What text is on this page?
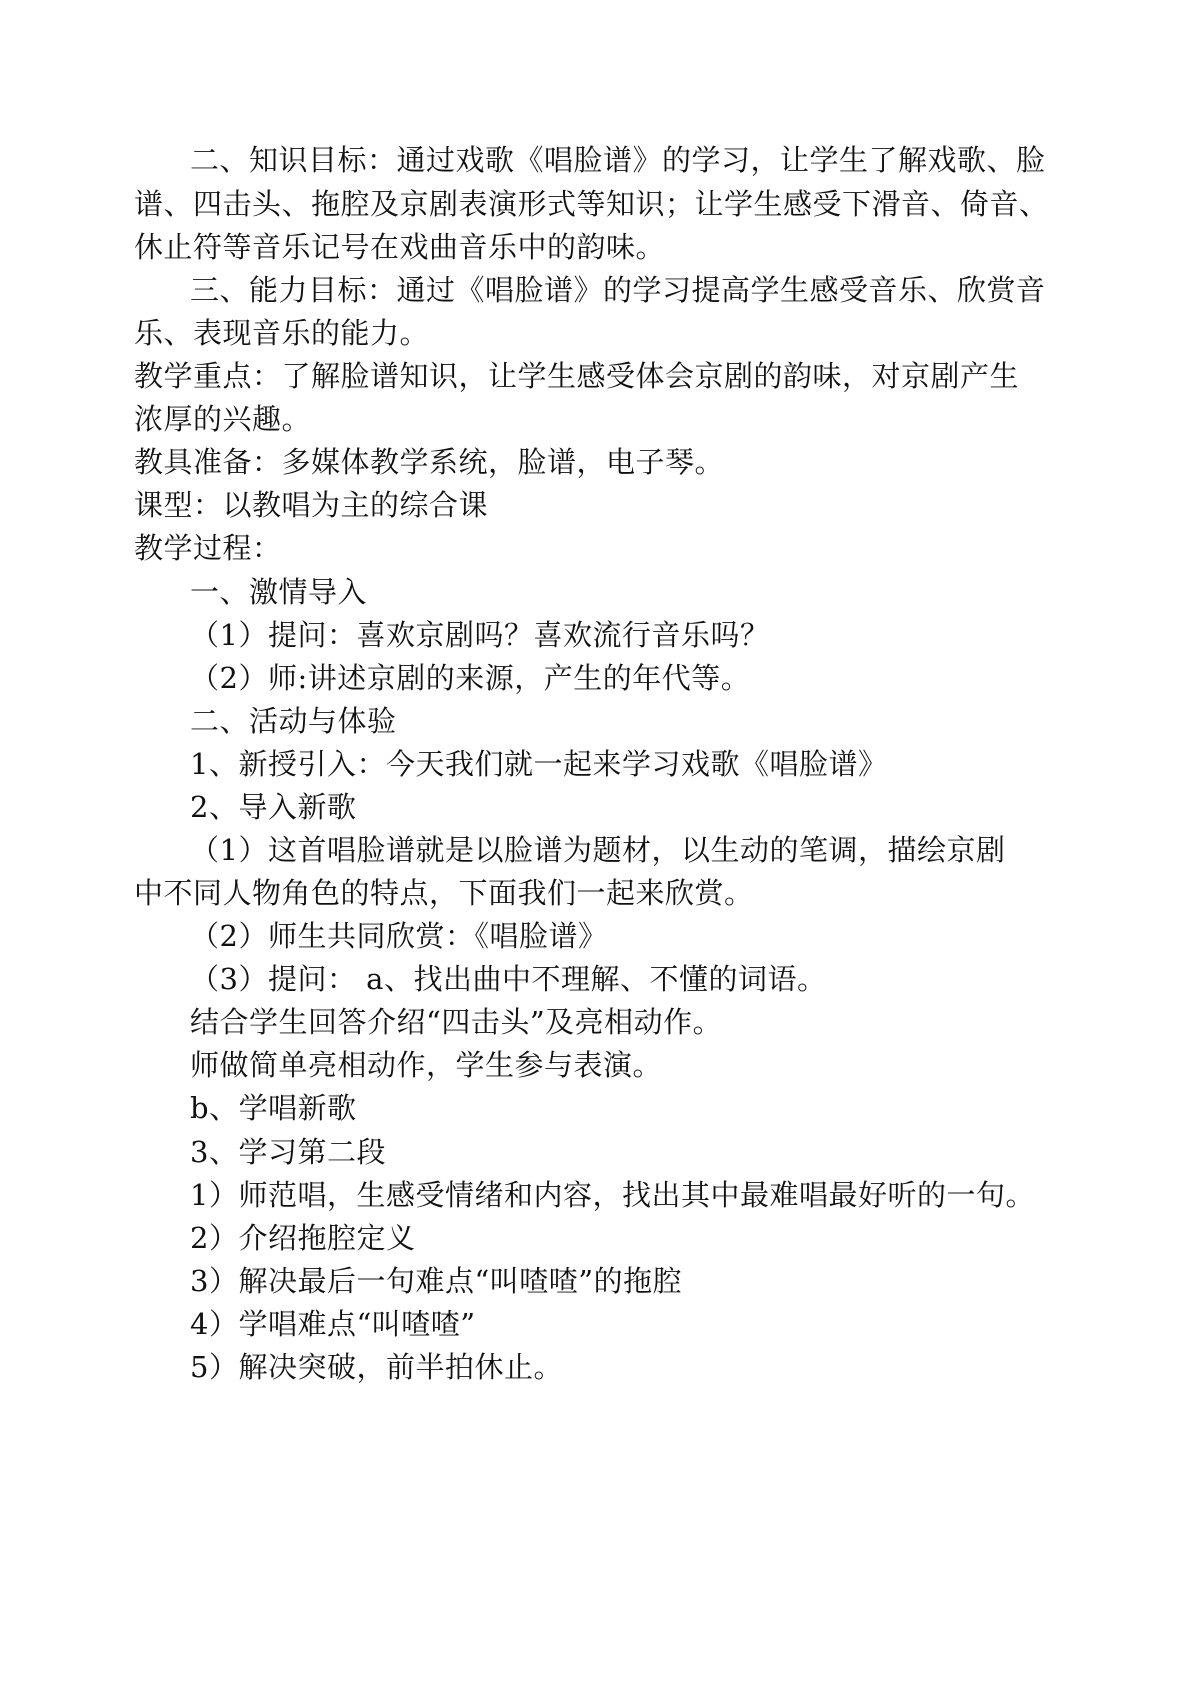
二、知识目标：通过戏歌《唱脸谱》的学习，让学生了解戏歌、脸
谱、四击头、拖腔及京剧表演形式等知识；让学生感受下滑音、倚音、
休止符等音乐记号在戏曲音乐中的韵味。
三、能力目标：通过《唱脸谱》的学习提高学生感受音乐、欣赏音
乐、表现音乐的能力。
教学重点：了解脸谱知识，让学生感受体会京剧的韵味，对京剧产生
浓厚的兴趣。
教具准备：多媒体教学系统，脸谱，电子琴。
课型：以教唱为主的综合课
教学过程：
一、激情导入
（1）提问：喜欢京剧吗？喜欢流行音乐吗？
（2）师:讲述京剧的来源，产生的年代等。
二、活动与体验
1、新授引入：今天我们就一起来学习戏歌《唱脸谱》
2、导入新歌
（1）这首唱脸谱就是以脸谱为题材，以生动的笔调，描绘京剧
中不同人物角色的特点，下面我们一起来欣赏。
（2）师生共同欣赏：《唱脸谱》
（3）提问： a、找出曲中不理解、不懂的词语。
结合学生回答介绍“四击头”及亮相动作。
师做简单亮相动作，学生参与表演。
b、学唱新歌
3、学习第二段
1）师范唱，生感受情绪和内容，找出其中最难唱最好听的一句。
2）介绍拖腔定义
3）解决最后一句难点“叫喳喳”的拖腔
4）学唱难点“叫喳喳”
5）解决突破，前半拍休止。
